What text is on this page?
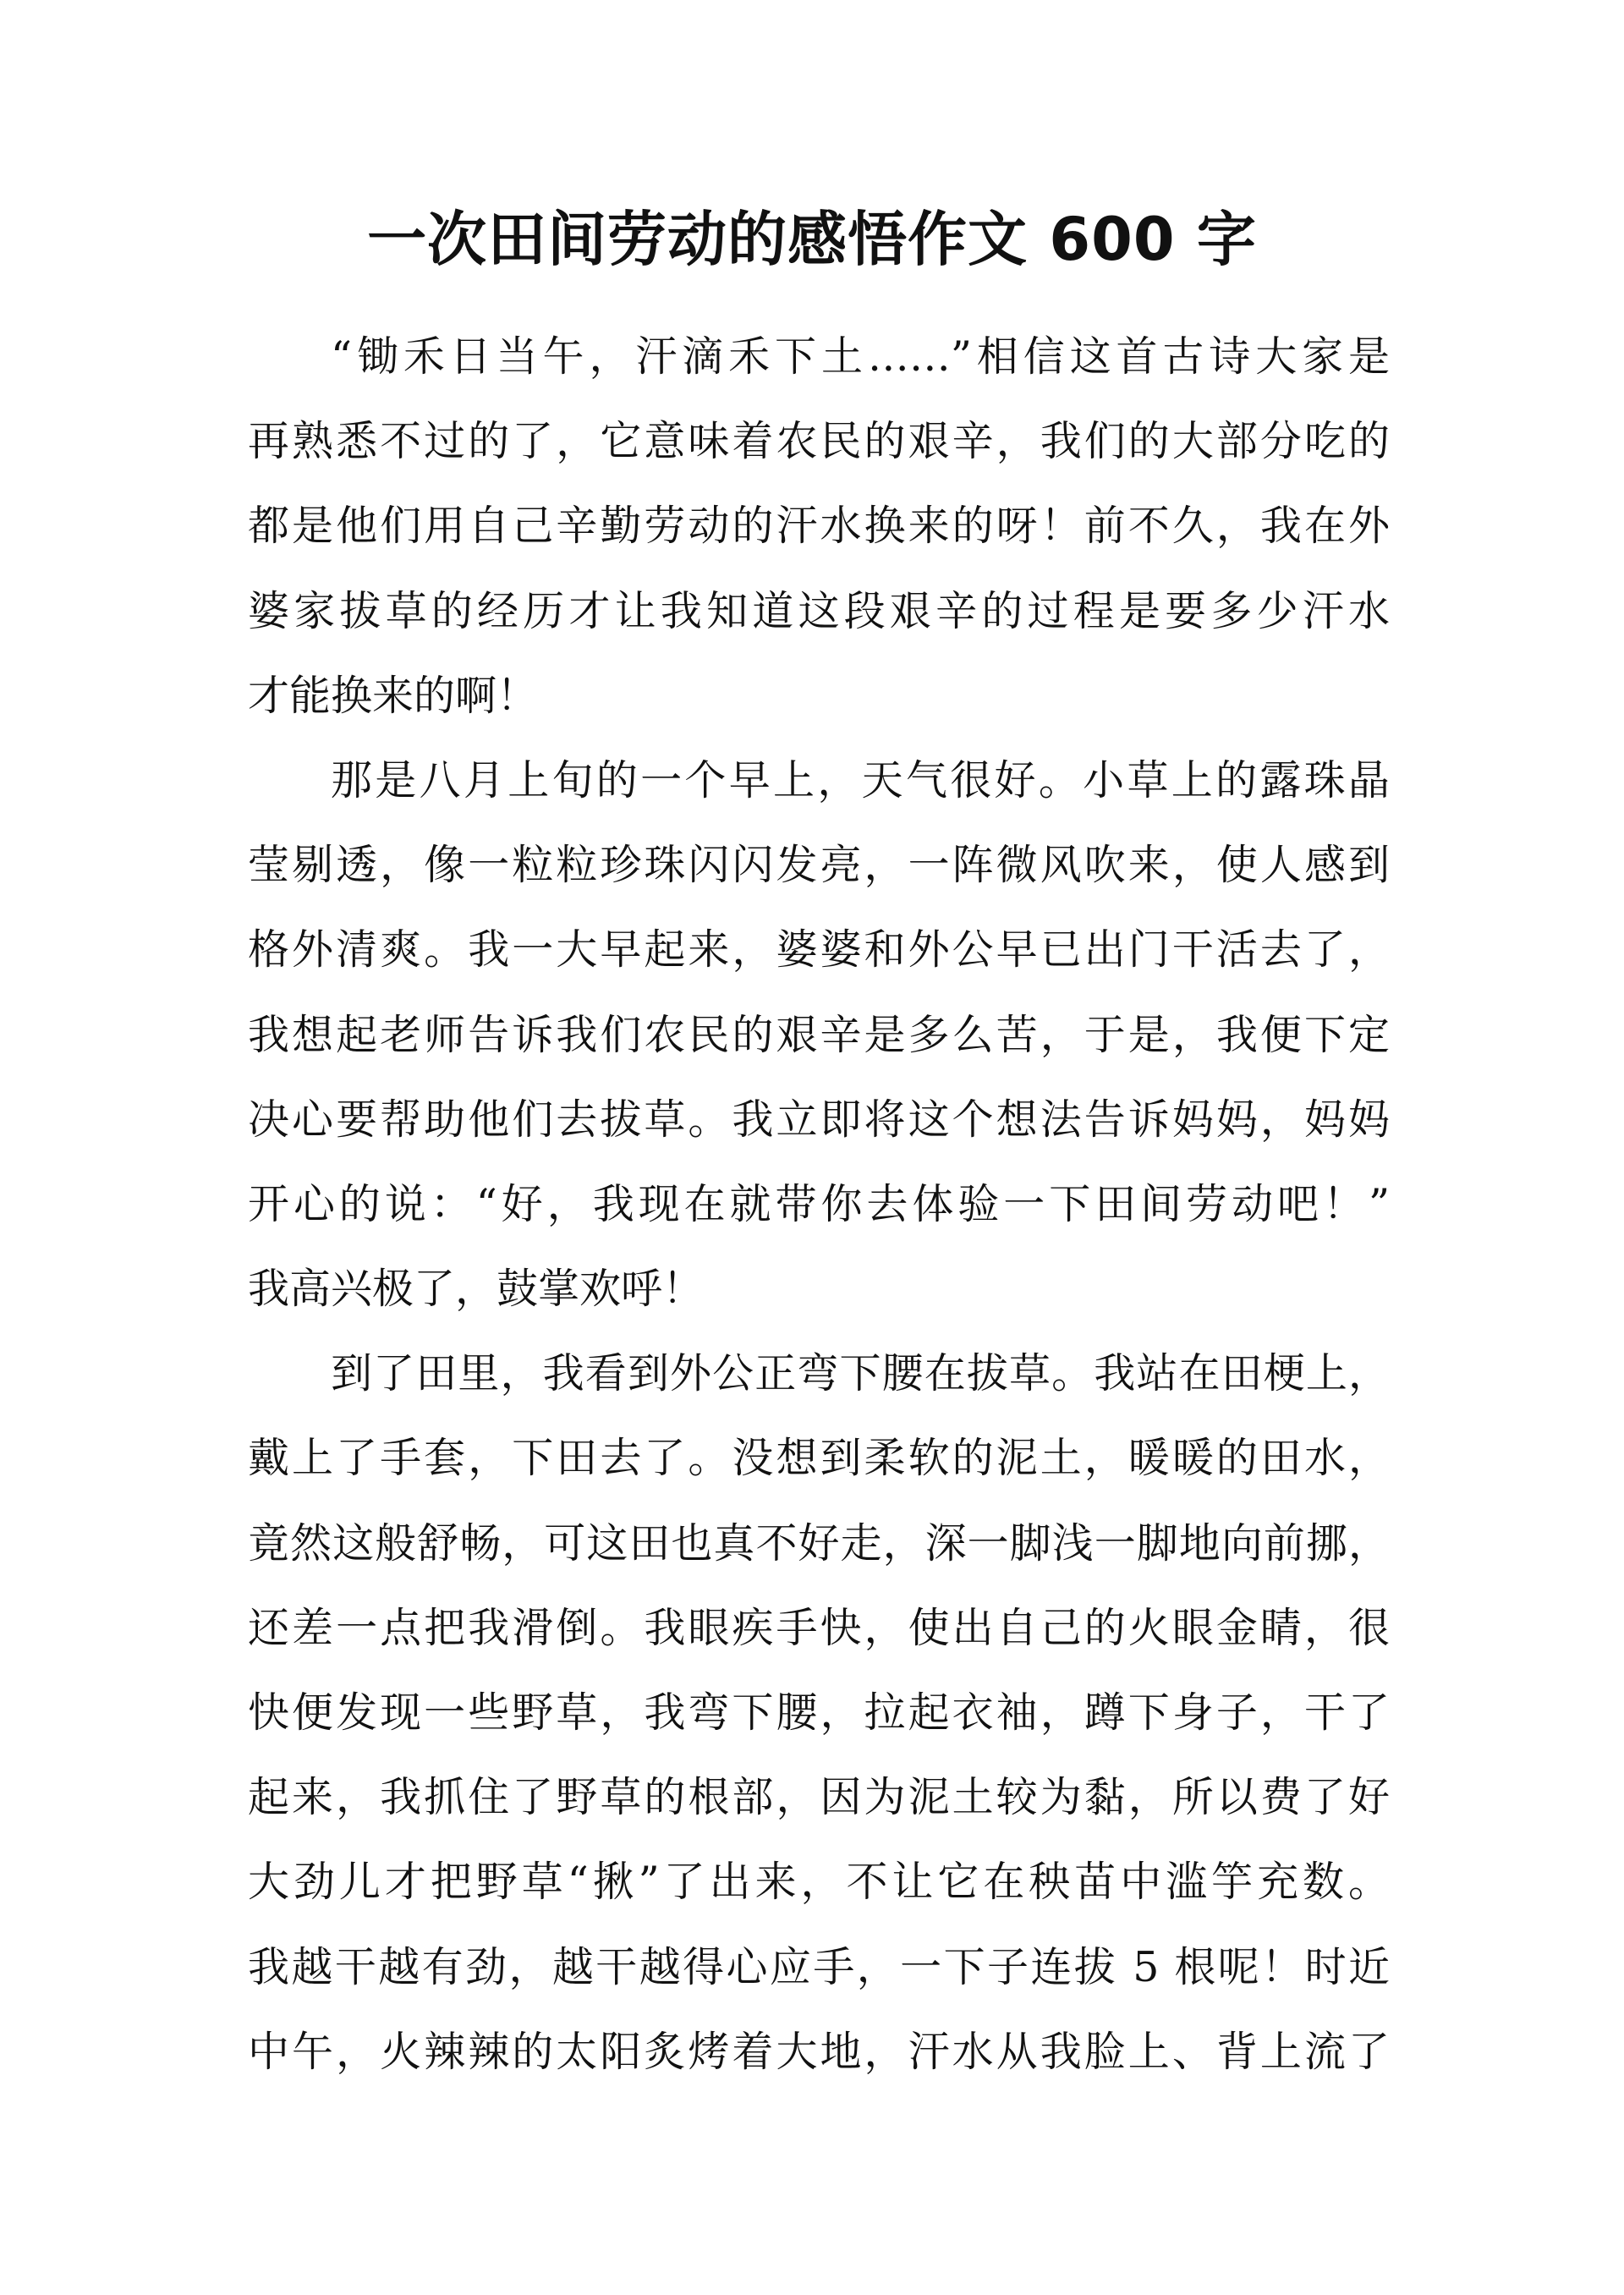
一次田间劳动的感悟作文 600 字
“锄禾日当午，汗滴禾下土……”相信这首古诗大家是
再熟悉不过的了，它意味着农民的艰辛，我们的大部分吃的
都是他们用自己辛勤劳动的汗水换来的呀！前不久，我在外
婆家拔草的经历才让我知道这段艰辛的过程是要多少汗水
才能换来的啊！
那是八月上旬的一个早上，天气很好。小草上的露珠晶
莹剔透，像一粒粒珍珠闪闪发亮，一阵微风吹来，使人感到
格外清爽。我一大早起来，婆婆和外公早已出门干活去了，
我想起老师告诉我们农民的艰辛是多么苦，于是，我便下定
决心要帮助他们去拔草。我立即将这个想法告诉妈妈，妈妈
开心的说：“好，我现在就带你去体验一下田间劳动吧！”
我高兴极了，鼓掌欢呼！
到了田里，我看到外公正弯下腰在拔草。我站在田梗上，
戴上了手套，下田去了。没想到柔软的泥土，暖暖的田水，
竟然这般舒畅，可这田也真不好走，深一脚浅一脚地向前挪，
还差一点把我滑倒。我眼疾手快，使出自己的火眼金睛，很
快便发现一些野草，我弯下腰，拉起衣袖，蹲下身子，干了
起来，我抓住了野草的根部，因为泥土较为黏，所以费了好
大劲儿才把野草“揪”了出来，不让它在秧苗中滥竽充数。
我越干越有劲，越干越得心应手，一下子连拔 5 根呢！时近
中午，火辣辣的太阳炙烤着大地，汗水从我脸上、背上流了
